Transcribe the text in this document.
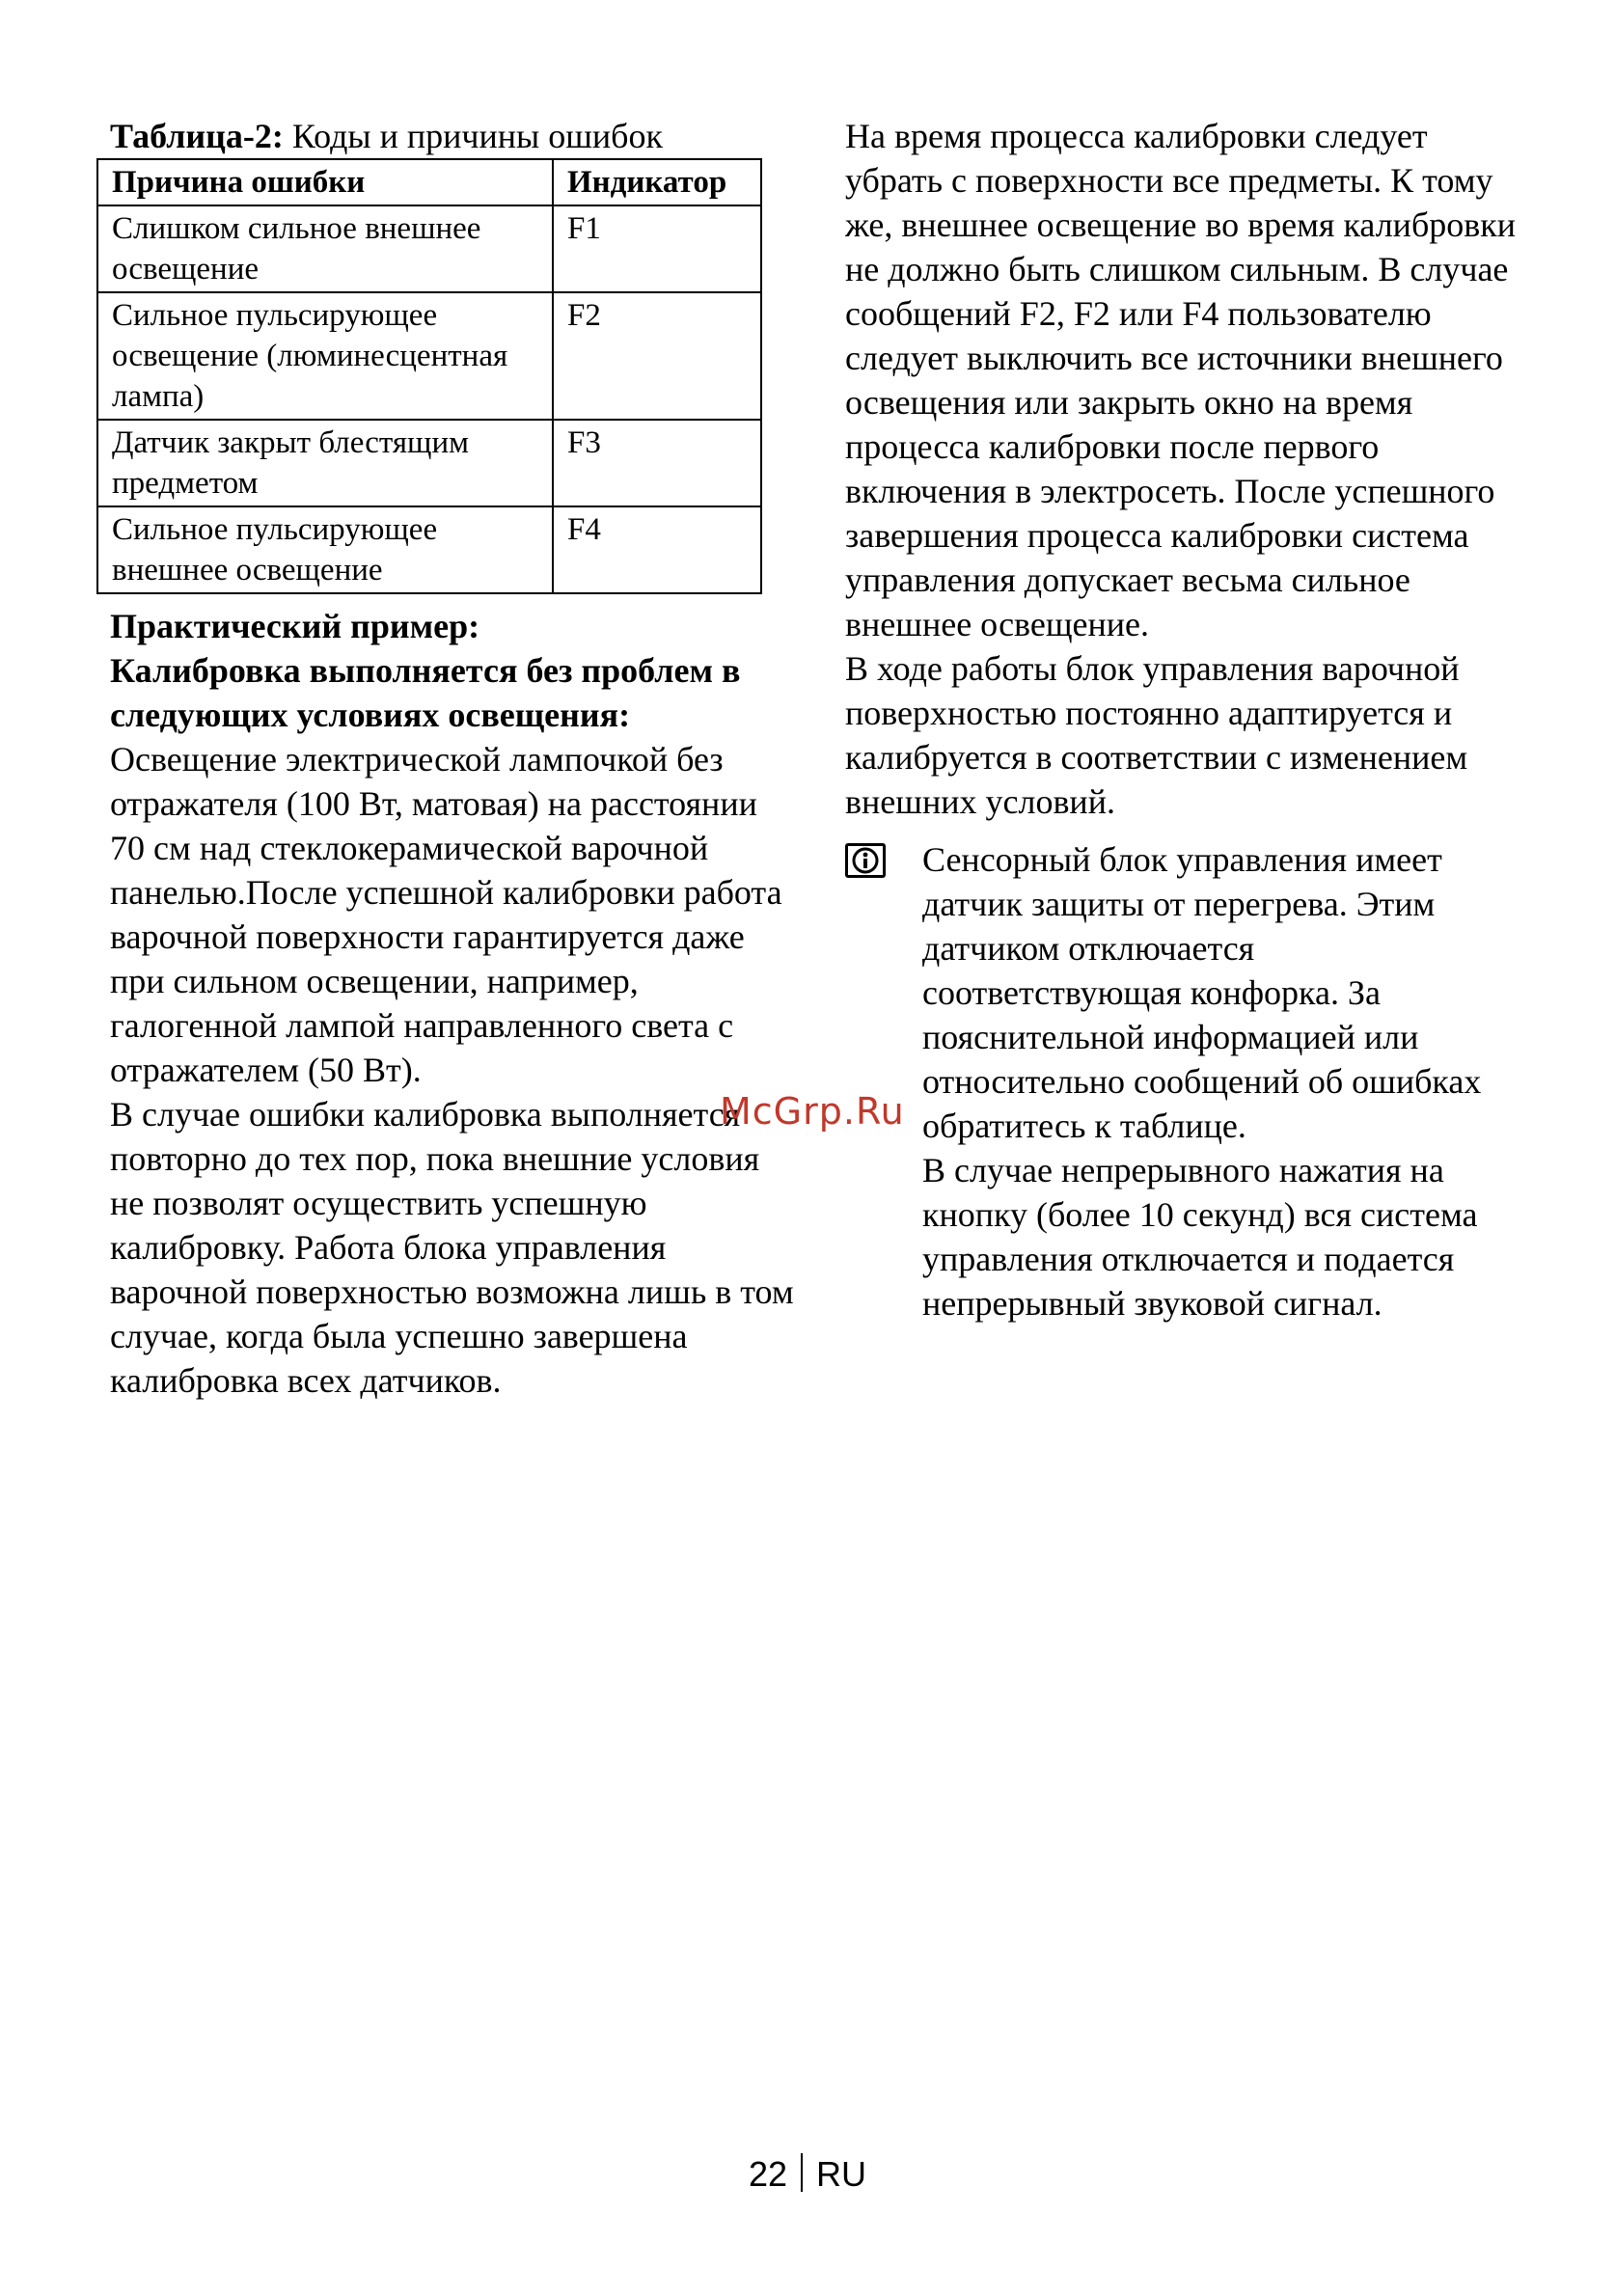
Таблица-2: Коды и причины ошибок

Причина ошибки	Индикатор
Слишком сильное внешнее освещение	F1
Сильное пульсирующее освещение (люминесцентная лампа)	F2
Датчик закрыт блестящим предметом	F3
Сильное пульсирующее внешнее освещение	F4

Практический пример:

Калибровка выполняется без проблем в следующих условиях освещения:

Освещение электрической лампочкой без отражателя (100 Вт, матовая) на расстоянии 70 см над стеклокерамической варочной панелью.После успешной калибровки работа варочной поверхности гарантируется даже при сильном освещении, например, галогенной лампой направленного света с отражателем (50 Вт).

В случае ошибки калибровка выполняется повторно до тех пор, пока внешние условия не позволят осуществить успешную калибровку. Работа блока управления варочной поверхностью возможна лишь в том случае, когда была успешно завершена калибровка всех датчиков.

На время процесса калибровки следует убрать с поверхности все предметы. К тому же, внешнее освещение во время калибровки не должно быть слишком сильным. В случае сообщений F2, F2 или F4 пользователю следует выключить все источники внешнего освещения или закрыть окно на время процесса калибровки после первого включения в электросеть. После успешного завершения процесса калибровки система управления допускает весьма сильное внешнее освещение.

В ходе работы блок управления варочной поверхностью постоянно адаптируется и калибруется в соответствии с изменением внешних условий.

Сенсорный блок управления имеет датчик защиты от перегрева. Этим датчиком отключается соответствующая конфорка. За пояснительной информацией или относительно сообщений об ошибках обратитесь к таблице.

В случае непрерывного нажатия на кнопку (более 10 секунд) вся система управления отключается и подается непрерывный звуковой сигнал.

McGrp.Ru
22 RU
